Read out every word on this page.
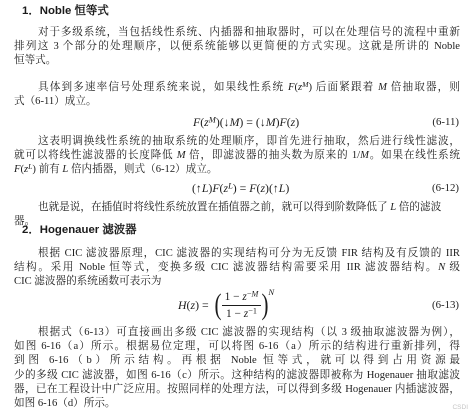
1．Noble 恒等式
对于多级系统，当包括线性系统、内插器和抽取器时，可以在处理信号的流程中重新
排列这 3 个部分的处理顺序，以便系统能够以更简便的方式实现。这就是所讲的 Noble
恒等式。
具体到多速率信号处理系统来说，如果线性系统 $F(z^M)$ 后面紧跟着 M 倍抽取器，则
式（6-11）成立。
$F(z^M)(↓M)$ = (↓M)F(z)	(6-11)
这表明调换线性系统的抽取系统的处理顺序，即首先进行抽取，然后进行线性滤波，
就可以将线性滤波器的长度降低 M 倍，即滤波器的抽头数为原来的 1/M。如果在线性系统
$F(z^L)$ 前有 L 倍内插器，则式（6-12）成立。
$(↑L)F(z^L)$ = F(z)(↑L)	(6-12)
也就是说，在插值时将线性系统放置在插值器之前，就可以得到阶数降低了 L 倍的滤波器。
2．Hogenauer 滤波器
根据 CIC 滤波器原理，CIC 滤波器的实现结构可分为无反馈 FIR 结构及有反馈的 IIR
结构。采用 Noble 恒等式，变换多级 CIC 滤波器结构需要采用 IIR 滤波器结构。N 级
CIC 滤波器的系统函数可表示为
H(z) = ( $\frac{1 - z^{-M}}{1 - z^{-1}}$ ) N
(6-13)
根据式（6-13）可直接画出多级 CIC 滤波器的实现结构（以 3 级抽取滤波器为例），
如图 6-16（a）所示。根据易位定理，可以将图 6-16（a）所示的结构进行重新排列，得
到图 6-16（b）所示结构。再根据 Noble 恒等式，就可以得到占用资源最
少的多级 CIC 滤波器，如图 6-16（c）所示。这种结构的滤波器即被称为 Hogenauer 抽取滤波
器，已在工程设计中广泛应用。按照同样的处理方法，可以得到多级 Hogenauer 内插滤波器，
如图 6-16（d）所示。	CSDI
